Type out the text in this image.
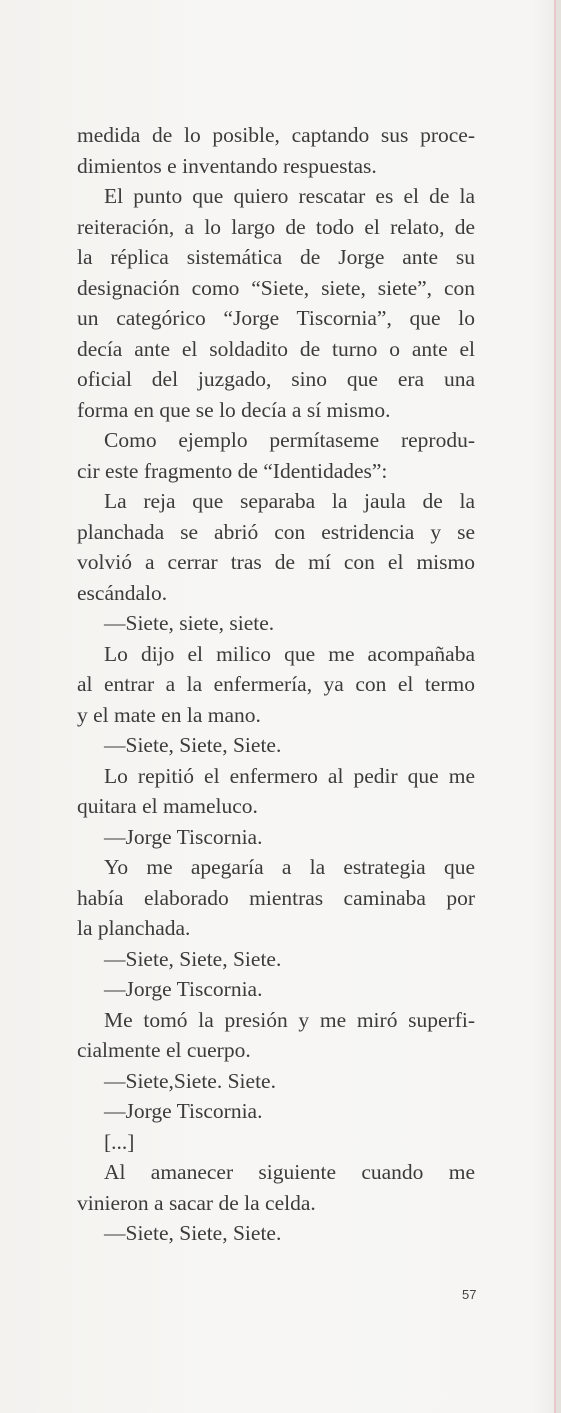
medida de lo posible, captando sus proce-

dimientos e inventando respuestas.

El punto que quiero rescatar es el de la

reiteración, a lo largo de todo el relato, de

la réplica sistemática de Jorge ante su

designación como “Siete, siete, siete”, con

un categórico “Jorge Tiscornia”, que lo

decía ante el soldadito de turno o ante el

oficial del juzgado, sino que era una

forma en que se lo decía a sí mismo.

Como ejemplo permítaseme reprodu-

cir este fragmento de “Identidades”:

La reja que separaba la jaula de la

planchada se abrió con estridencia y se

volvió a cerrar tras de mí con el mismo

escándalo.

—Siete, siete, siete.

Lo dijo el milico que me acompañaba

al entrar a la enfermería, ya con el termo

y el mate en la mano.

—Siete, Siete, Siete.

Lo repitió el enfermero al pedir que me

quitara el mameluco.

—Jorge Tiscornia.

Yo me apegaría a la estrategia que

había elaborado mientras caminaba por

la planchada.

—Siete, Siete, Siete.

—Jorge Tiscornia.

Me tomó la presión y me miró superfi-

cialmente el cuerpo.

—Siete,Siete. Siete.

—Jorge Tiscornia.

[...]

Al amanecer siguiente cuando me

vinieron a sacar de la celda.

—Siete, Siete, Siete.

57
